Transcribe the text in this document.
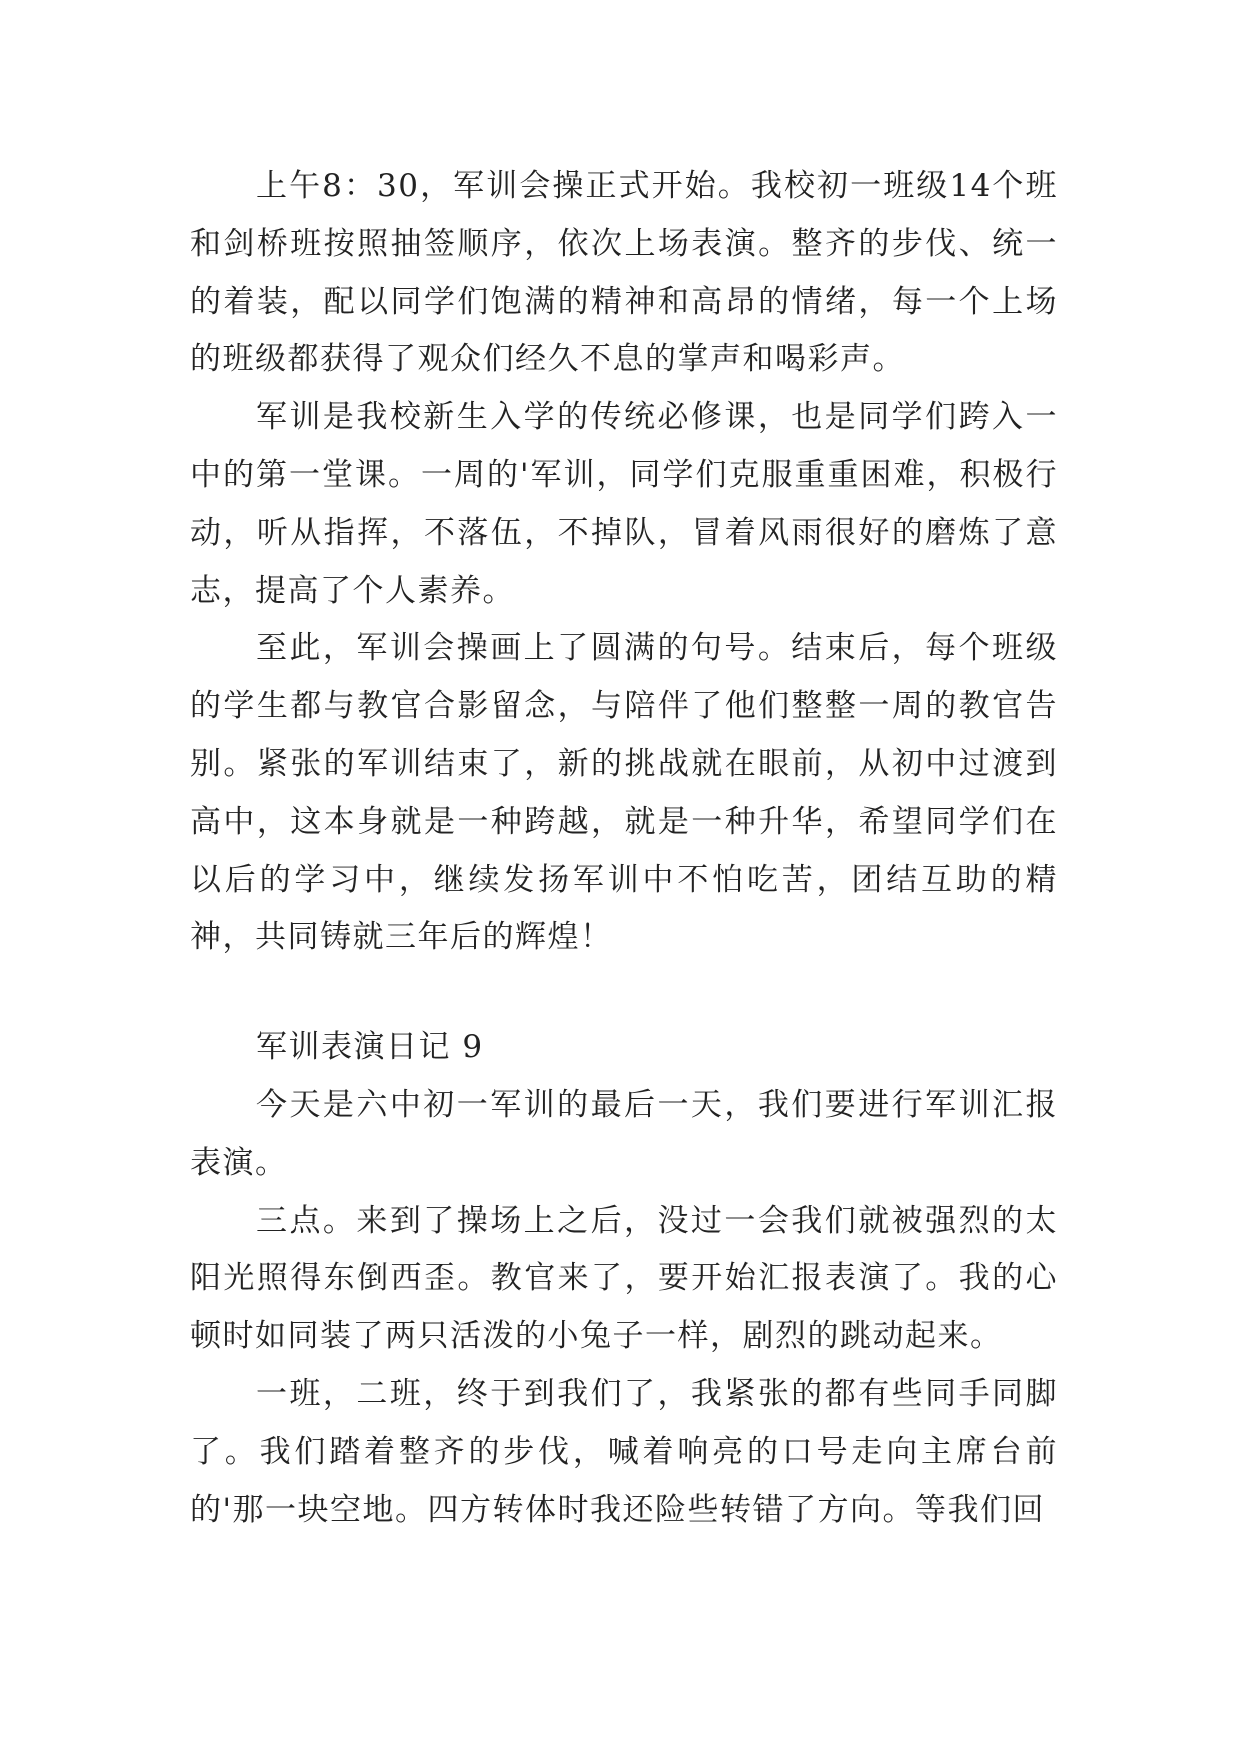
上午8：30，军训会操正式开始。我校初一班级14个班和剑桥班按照抽签顺序，依次上场表演。整齐的步伐、统一的着装，配以同学们饱满的精神和高昂的情绪，每一个上场的班级都获得了观众们经久不息的掌声和喝彩声。

军训是我校新生入学的传统必修课，也是同学们跨入一中的第一堂课。一周的'军训，同学们克服重重困难，积极行动，听从指挥，不落伍，不掉队，冒着风雨很好的磨炼了意志，提高了个人素养。

至此，军训会操画上了圆满的句号。结束后，每个班级的学生都与教官合影留念，与陪伴了他们整整一周的教官告别。紧张的军训结束了，新的挑战就在眼前，从初中过渡到高中，这本身就是一种跨越，就是一种升华，希望同学们在以后的学习中，继续发扬军训中不怕吃苦，团结互助的精神，共同铸就三年后的辉煌！

军训表演日记 9

今天是六中初一军训的最后一天，我们要进行军训汇报表演。

三点。来到了操场上之后，没过一会我们就被强烈的太阳光照得东倒西歪。教官来了，要开始汇报表演了。我的心顿时如同装了两只活泼的小兔子一样，剧烈的跳动起来。

一班，二班，终于到我们了，我紧张的都有些同手同脚了。我们踏着整齐的步伐，喊着响亮的口号走向主席台前的'那一块空地。四方转体时我还险些转错了方向。等我们回
